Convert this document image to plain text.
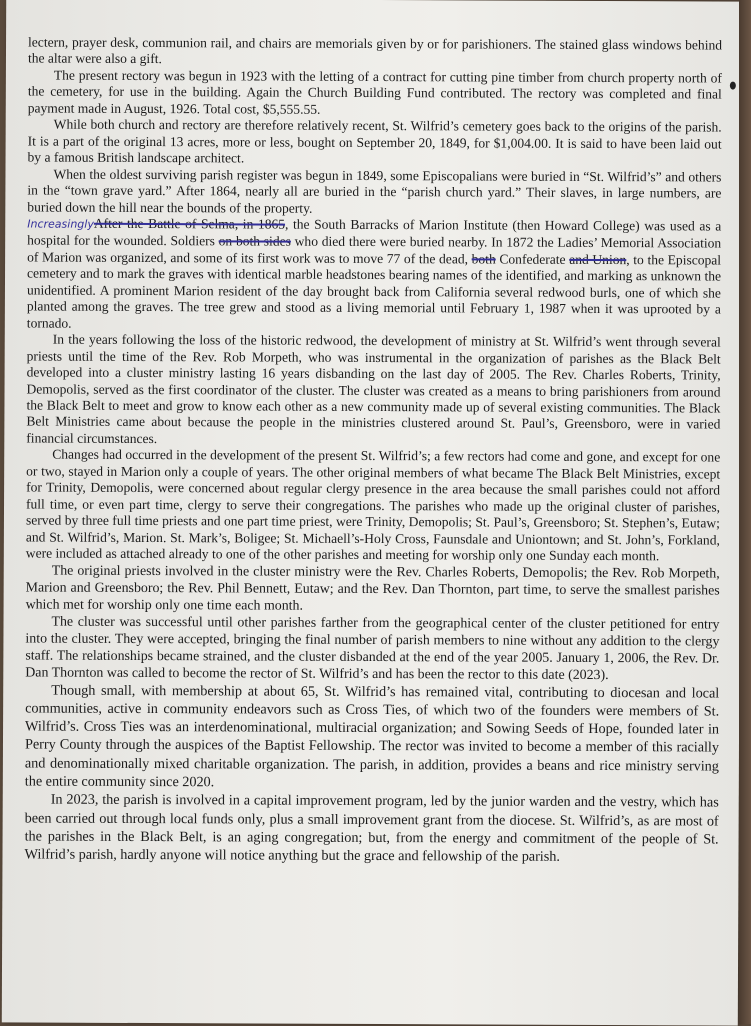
lectern, prayer desk, communion rail, and chairs are memorials given by or for parishioners. The stained glass windows behind the altar were also a gift.

The present rectory was begun in 1923 with the letting of a contract for cutting pine timber from church property north of the cemetery, for use in the building. Again the Church Building Fund contributed. The rectory was completed and final payment made in August, 1926. Total cost, $5,555.55.

While both church and rectory are therefore relatively recent, St. Wilfrid’s cemetery goes back to the origins of the parish. It is a part of the original 13 acres, more or less, bought on September 20, 1849, for $1,004.00. It is said to have been laid out by a famous British landscape architect.

When the oldest surviving parish register was begun in 1849, some Episcopalians were buried in “St. Wilfrid’s” and others in the “town grave yard.” After 1864, nearly all are buried in the “parish church yard.” Their slaves, in large numbers, are buried down the hill near the bounds of the property.

IncreasinglyAfter the Battle of Selma, in 1865, the South Barracks of Marion Institute (then Howard College) was used as a hospital for the wounded. Soldiers on both sides who died there were buried nearby. In 1872 the Ladies’ Memorial Association of Marion was organized, and some of its first work was to move 77 of the dead, both Confederate and Union, to the Episcopal cemetery and to mark the graves with identical marble headstones bearing names of the identified, and marking as unknown the unidentified. A prominent Marion resident of the day brought back from California several redwood burls, one of which she planted among the graves. The tree grew and stood as a living memorial until February 1, 1987 when it was uprooted by a tornado.

In the years following the loss of the historic redwood, the development of ministry at St. Wilfrid’s went through several priests until the time of the Rev. Rob Morpeth, who was instrumental in the organization of parishes as the Black Belt developed into a cluster ministry lasting 16 years disbanding on the last day of 2005. The Rev. Charles Roberts, Trinity, Demopolis, served as the first coordinator of the cluster. The cluster was created as a means to bring parishioners from around the Black Belt to meet and grow to know each other as a new community made up of several existing communities. The Black Belt Ministries came about because the people in the ministries clustered around St. Paul’s, Greensboro, were in varied financial circumstances.

Changes had occurred in the development of the present St. Wilfrid’s; a few rectors had come and gone, and except for one or two, stayed in Marion only a couple of years. The other original members of what became The Black Belt Ministries, except for Trinity, Demopolis, were concerned about regular clergy presence in the area because the small parishes could not afford full time, or even part time, clergy to serve their congregations. The parishes who made up the original cluster of parishes, served by three full time priests and one part time priest, were Trinity, Demopolis; St. Paul’s, Greensboro; St. Stephen’s, Eutaw; and St. Wilfrid’s, Marion. St. Mark’s, Boligee; St. Michaell’s-Holy Cross, Faunsdale and Uniontown; and St. John’s, Forkland, were included as attached already to one of the other parishes and meeting for worship only one Sunday each month.

The original priests involved in the cluster ministry were the Rev. Charles Roberts, Demopolis; the Rev. Rob Morpeth, Marion and Greensboro; the Rev. Phil Bennett, Eutaw; and the Rev. Dan Thornton, part time, to serve the smallest parishes which met for worship only one time each month.

The cluster was successful until other parishes farther from the geographical center of the cluster petitioned for entry into the cluster. They were accepted, bringing the final number of parish members to nine without any addition to the clergy staff. The relationships became strained, and the cluster disbanded at the end of the year 2005. January 1, 2006, the Rev. Dr. Dan Thornton was called to become the rector of St. Wilfrid’s and has been the rector to this date (2023).

Though small, with membership at about 65, St. Wilfrid’s has remained vital, contributing to diocesan and local communities, active in community endeavors such as Cross Ties, of which two of the founders were members of St. Wilfrid’s. Cross Ties was an interdenominational, multiracial organization; and Sowing Seeds of Hope, founded later in Perry County through the auspices of the Baptist Fellowship. The rector was invited to become a member of this racially and denominationally mixed charitable organization. The parish, in addition, provides a beans and rice ministry serving the entire community since 2020.

In 2023, the parish is involved in a capital improvement program, led by the junior warden and the vestry, which has been carried out through local funds only, plus a small improvement grant from the diocese. St. Wilfrid’s, as are most of the parishes in the Black Belt, is an aging congregation; but, from the energy and commitment of the people of St. Wilfrid’s parish, hardly anyone will notice anything but the grace and fellowship of the parish.
